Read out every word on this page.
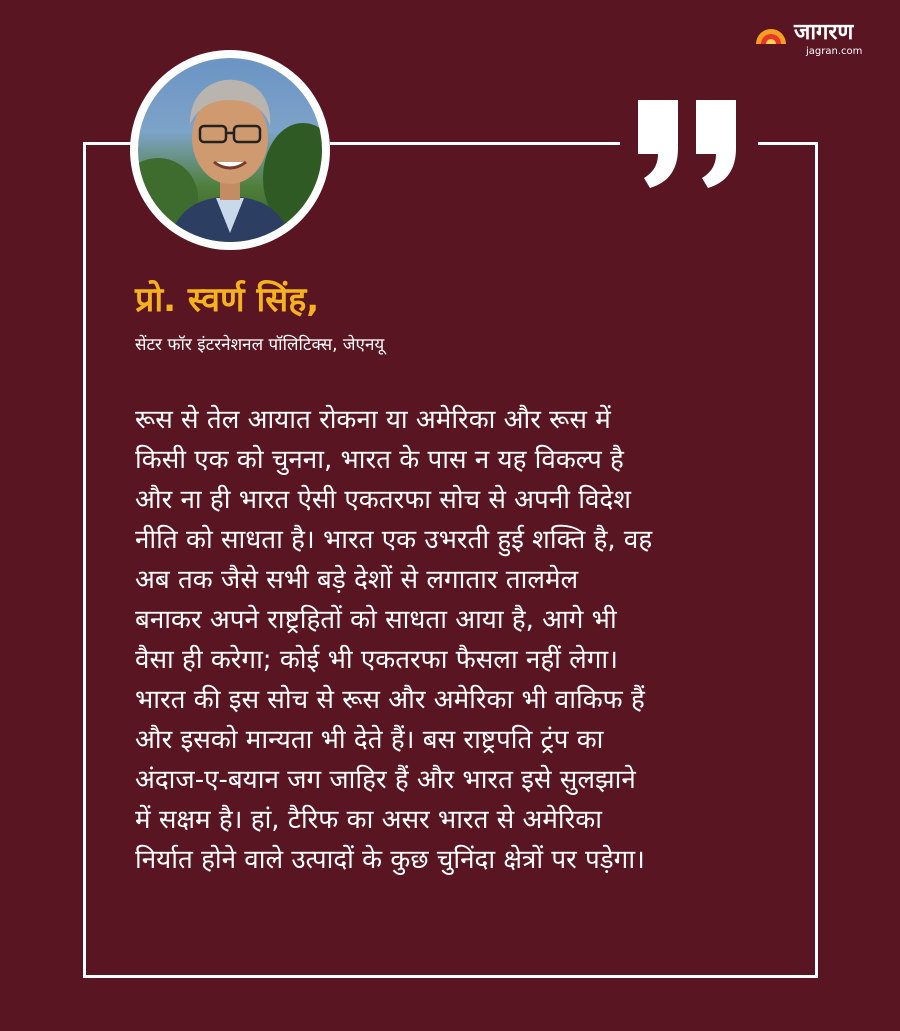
जागरण
jagran.com
प्रो. स्वर्ण सिंह,
सेंटर फॉर इंटरनेशनल पॉलिटिक्स, जेएनयू
रूस से तेल आयात रोकना या अमेरिका और रूस में
किसी एक को चुनना, भारत के पास न यह विकल्प है
और ना ही भारत ऐसी एकतरफा सोच से अपनी विदेश
नीति को साधता है। भारत एक उभरती हुई शक्ति है, वह
अब तक जैसे सभी बड़े देशों से लगातार तालमेल
बनाकर अपने राष्ट्रहितों को साधता आया है, आगे भी
वैसा ही करेगा; कोई भी एकतरफा फैसला नहीं लेगा।
भारत की इस सोच से रूस और अमेरिका भी वाकिफ हैं
और इसको मान्यता भी देते हैं। बस राष्ट्रपति ट्रंप का
अंदाज-ए-बयान जग जाहिर हैं और भारत इसे सुलझाने
में सक्षम है। हां, टैरिफ का असर भारत से अमेरिका
निर्यात होने वाले उत्पादों के कुछ चुनिंदा क्षेत्रों पर पड़ेगा।
